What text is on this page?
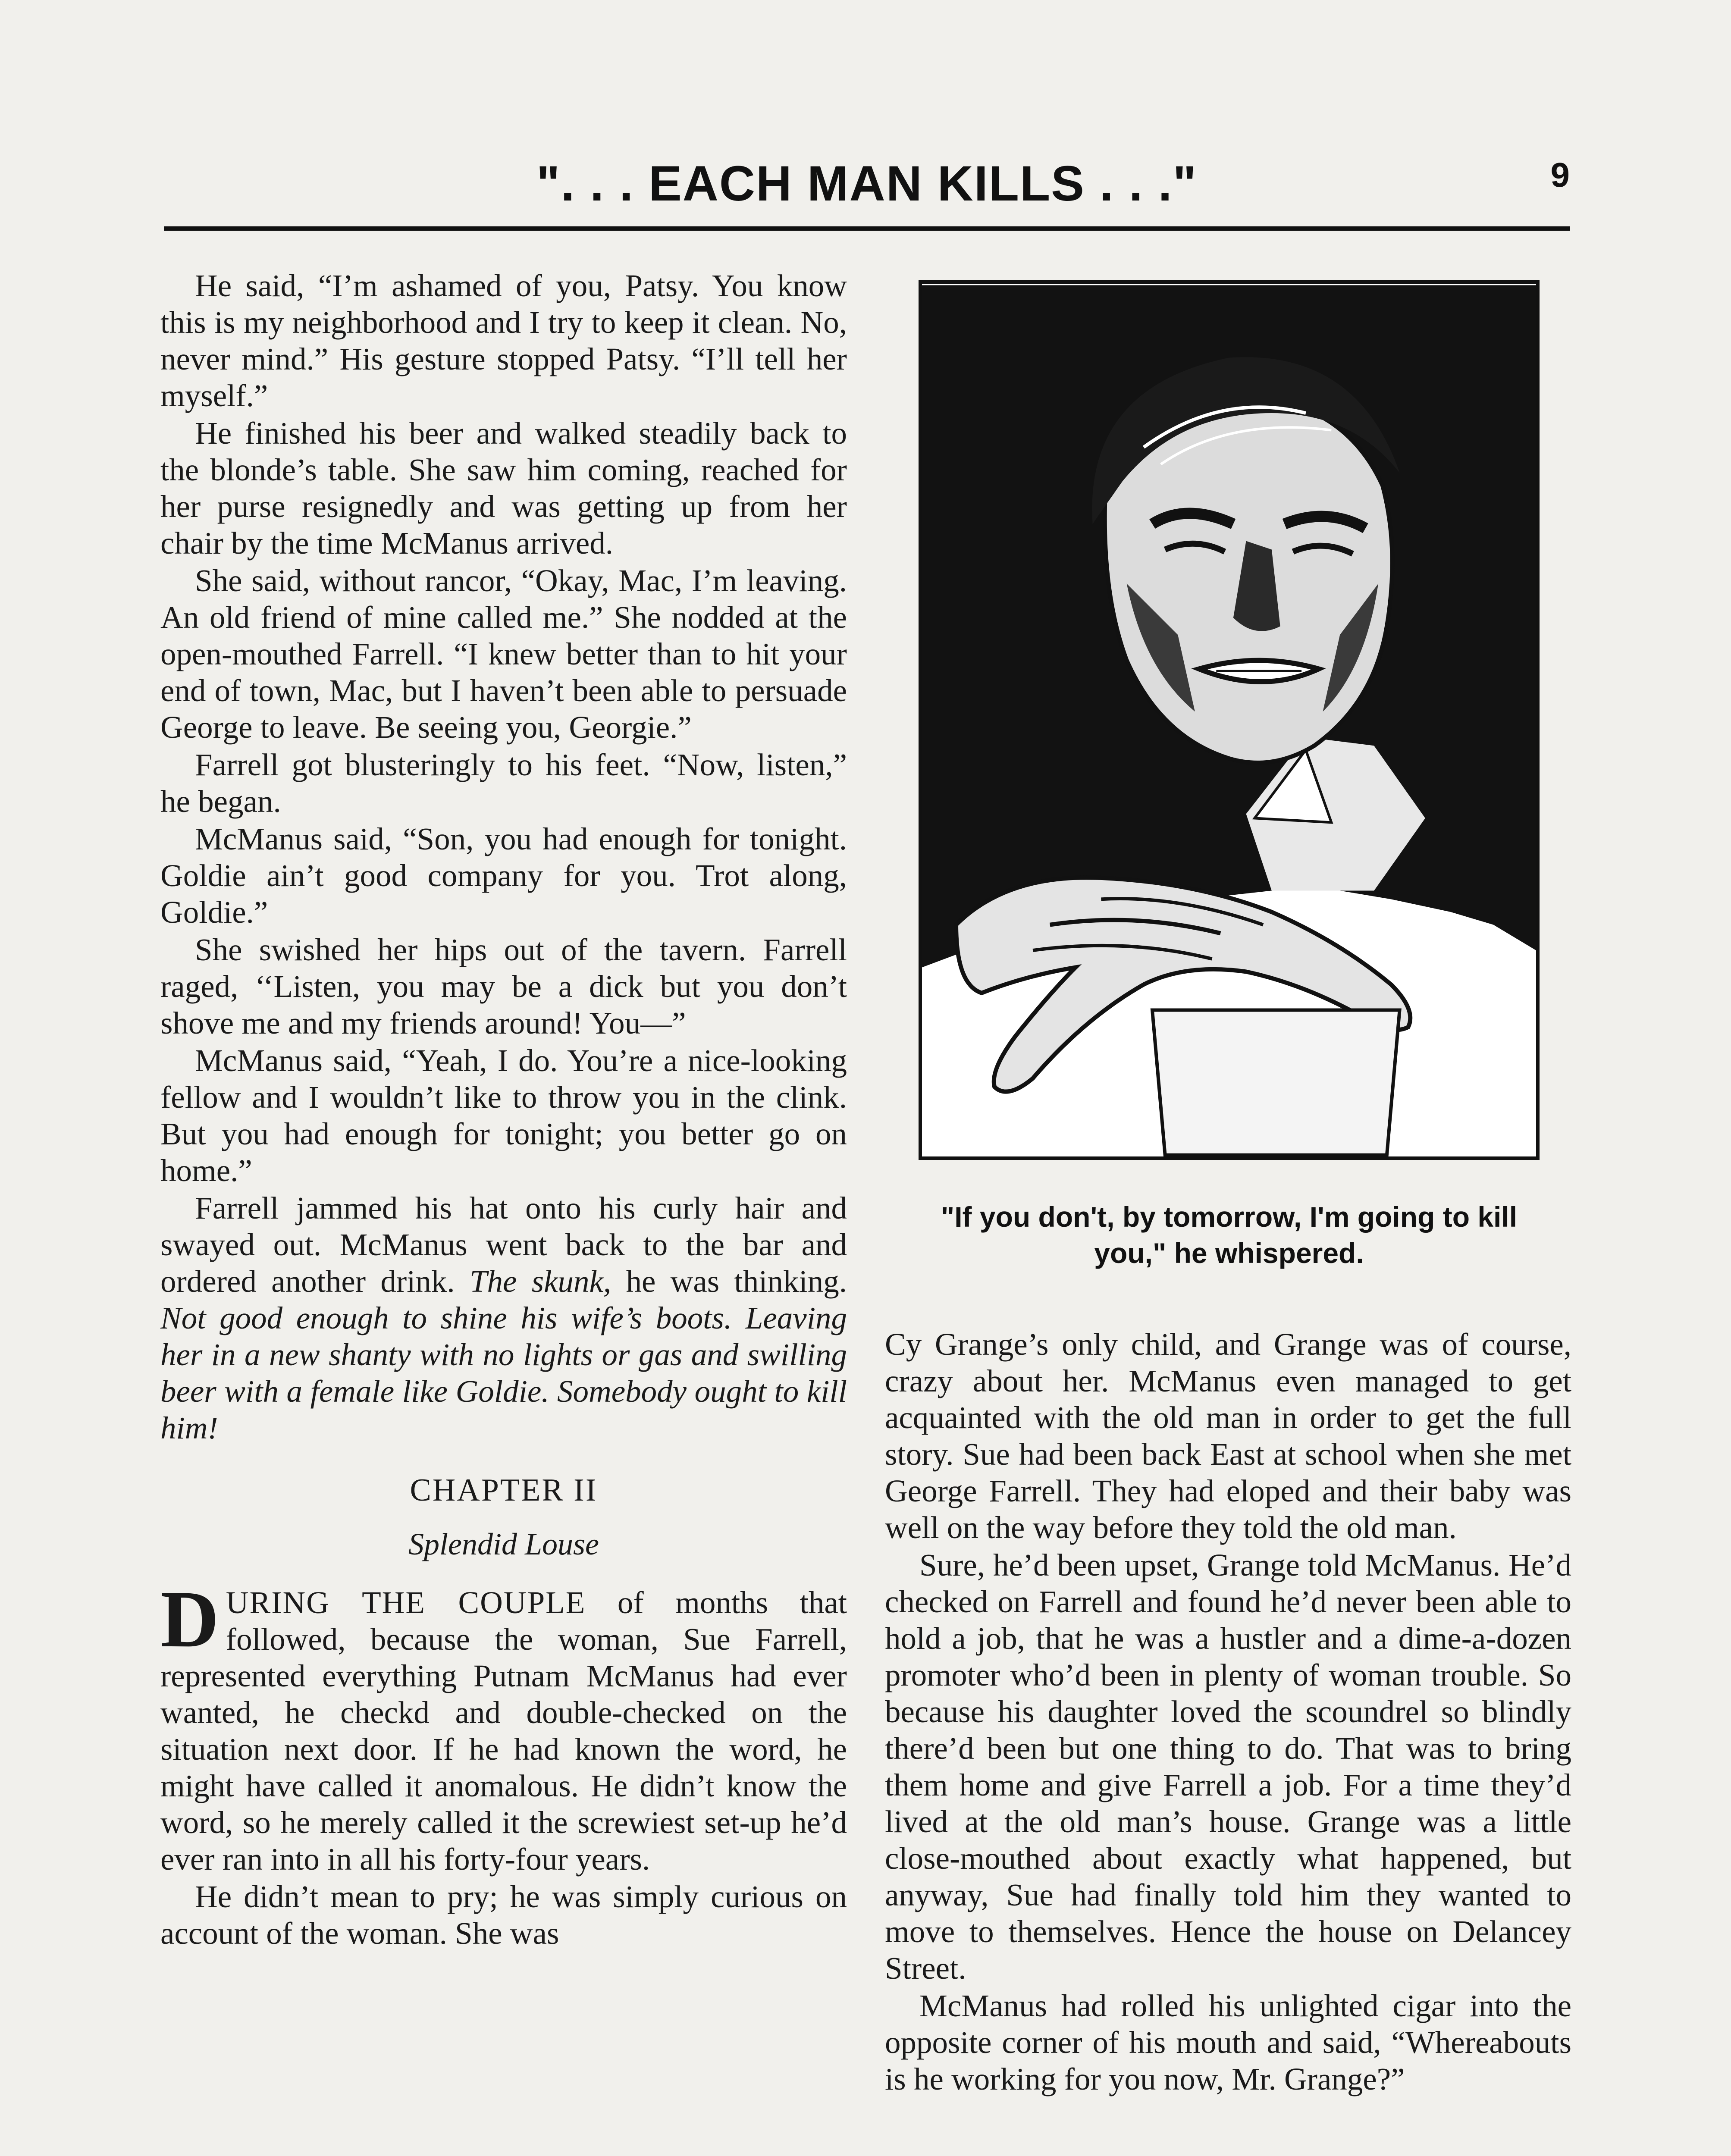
". . . EACH MAN KILLS . . ."	9

He said, “I’m ashamed of you, Patsy. You know this is my neighborhood and I try to keep it clean. No, never mind.” His gesture stopped Patsy. “I’ll tell her myself.”

He finished his beer and walked steadily back to the blonde’s table. She saw him coming, reached for her purse resignedly and was getting up from her chair by the time McManus arrived.

She said, without rancor, “Okay, Mac, I’m leaving. An old friend of mine called me.” She nodded at the open-mouthed Farrell. “I knew better than to hit your end of town, Mac, but I haven’t been able to persuade George to leave. Be seeing you, Georgie.”

Farrell got blusteringly to his feet. “Now, listen,” he began.

McManus said, “Son, you had enough for tonight. Goldie ain’t good company for you. Trot along, Goldie.”

She swished her hips out of the tavern. Farrell raged, ‘‘Listen, you may be a dick but you don’t shove me and my friends around! You—”

McManus said, “Yeah, I do. You’re a nice-looking fellow and I wouldn’t like to throw you in the clink. But you had enough for tonight; you better go on home.”

Farrell jammed his hat onto his curly hair and swayed out. McManus went back to the bar and ordered another drink. The skunk, he was thinking. Not good enough to shine his wife’s boots. Leaving her in a new shanty with no lights or gas and swilling beer with a female like Goldie. Somebody ought to kill him!

CHAPTER II
Splendid Louse

DURING THE COUPLE of months that followed, because the woman, Sue Farrell, represented everything Putnam McManus had ever wanted, he checkd and double-checked on the situation next door. If he had known the word, he might have called it anomalous. He didn’t know the word, so he merely called it the screwiest set-up he’d ever ran into in all his forty-four years.

He didn’t mean to pry; he was simply curious on account of the woman. She was

"If you don't, by tomorrow, I'm going to kill you," he whispered.

Cy Grange’s only child, and Grange was of course, crazy about her. McManus even managed to get acquainted with the old man in order to get the full story. Sue had been back East at school when she met George Farrell. They had eloped and their baby was well on the way before they told the old man.

Sure, he’d been upset, Grange told McManus. He’d checked on Farrell and found he’d never been able to hold a job, that he was a hustler and a dime-a-dozen promoter who’d been in plenty of woman trouble. So because his daughter loved the scoundrel so blindly there’d been but one thing to do. That was to bring them home and give Farrell a job. For a time they’d lived at the old man’s house. Grange was a little close-mouthed about exactly what happened, but anyway, Sue had finally told him they wanted to move to themselves. Hence the house on Delancey Street.

McManus had rolled his unlighted cigar into the opposite corner of his mouth and said, “Whereabouts is he working for you now, Mr. Grange?”
